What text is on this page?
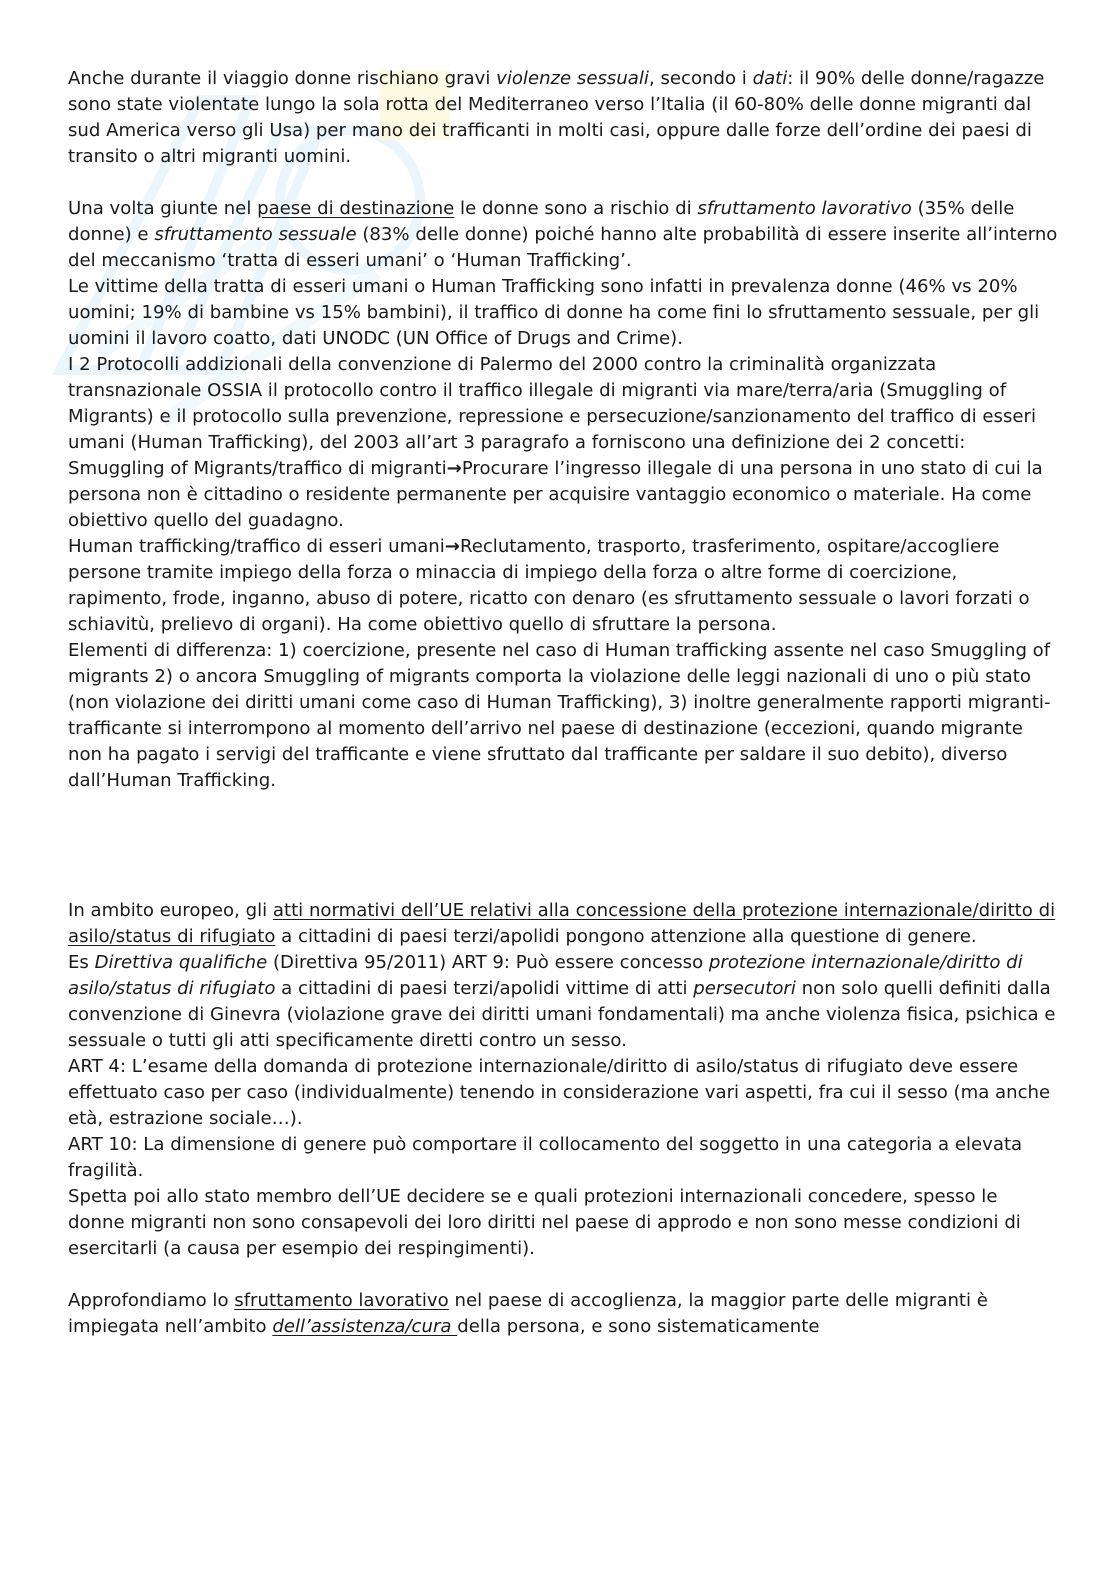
Anche durante il viaggio donne rischiano gravi violenze sessuali, secondo i dati: il 90% delle donne/ragazze sono state violentate lungo la sola rotta del Mediterraneo verso l’Italia (il 60-80% delle donne migranti dal sud America verso gli Usa) per mano dei trafficanti in molti casi, oppure dalle forze dell’ordine dei paesi di transito o altri migranti uomini.

Una volta giunte nel paese di destinazione le donne sono a rischio di sfruttamento lavorativo (35% delle donne) e sfruttamento sessuale (83% delle donne) poiché hanno alte probabilità di essere inserite all’interno del meccanismo ‘tratta di esseri umani’ o ‘Human Trafficking’.

Le vittime della tratta di esseri umani o Human Trafficking sono infatti in prevalenza donne (46% vs 20% uomini; 19% di bambine vs 15% bambini), il traffico di donne ha come fini lo sfruttamento sessuale, per gli uomini il lavoro coatto, dati UNODC (UN Office of Drugs and Crime).

I 2 Protocolli addizionali della convenzione di Palermo del 2000 contro la criminalità organizzata transnazionale OSSIA il protocollo contro il traffico illegale di migranti via mare/terra/aria (Smuggling of Migrants) e il protocollo sulla prevenzione, repressione e persecuzione/sanzionamento del traffico di esseri umani (Human Trafficking), del 2003 all’art 3 paragrafo a forniscono una definizione dei 2 concetti:

Smuggling of Migrants/traffico di migranti→Procurare l’ingresso illegale di una persona in uno stato di cui la persona non è cittadino o residente permanente per acquisire vantaggio economico o materiale. Ha come obiettivo quello del guadagno.

Human trafficking/traffico di esseri umani→Reclutamento, trasporto, trasferimento, ospitare/accogliere persone tramite impiego della forza o minaccia di impiego della forza o altre forme di coercizione, rapimento, frode, inganno, abuso di potere, ricatto con denaro (es sfruttamento sessuale o lavori forzati o schiavitù, prelievo di organi). Ha come obiettivo quello di sfruttare la persona.

Elementi di differenza: 1) coercizione, presente nel caso di Human trafficking assente nel caso Smuggling of migrants 2) o ancora Smuggling of migrants comporta la violazione delle leggi nazionali di uno o più stato (non violazione dei diritti umani come caso di Human Trafficking), 3) inoltre generalmente rapporti migranti-trafficante si interrompono al momento dell’arrivo nel paese di destinazione (eccezioni, quando migrante non ha pagato i servigi del trafficante e viene sfruttato dal trafficante per saldare il suo debito), diverso dall’Human Trafficking.

In ambito europeo, gli atti normativi dell’UE relativi alla concessione della protezione internazionale/diritto di asilo/status di rifugiato a cittadini di paesi terzi/apolidi pongono attenzione alla questione di genere.

Es Direttiva qualifiche (Direttiva 95/2011) ART 9: Può essere concesso protezione internazionale/diritto di asilo/status di rifugiato a cittadini di paesi terzi/apolidi vittime di atti persecutori non solo quelli definiti dalla convenzione di Ginevra (violazione grave dei diritti umani fondamentali) ma anche violenza fisica, psichica e sessuale o tutti gli atti specificamente diretti contro un sesso.

ART 4: L’esame della domanda di protezione internazionale/diritto di asilo/status di rifugiato deve essere effettuato caso per caso (individualmente) tenendo in considerazione vari aspetti, fra cui il sesso (ma anche età, estrazione sociale…).

ART 10: La dimensione di genere può comportare il collocamento del soggetto in una categoria a elevata fragilità.

Spetta poi allo stato membro dell’UE decidere se e quali protezioni internazionali concedere, spesso le donne migranti non sono consapevoli dei loro diritti nel paese di approdo e non sono messe condizioni di esercitarli (a causa per esempio dei respingimenti).

Approfondiamo lo sfruttamento lavorativo nel paese di accoglienza, la maggior parte delle migranti è impiegata nell’ambito dell’assistenza/cura della persona, e sono sistematicamente
